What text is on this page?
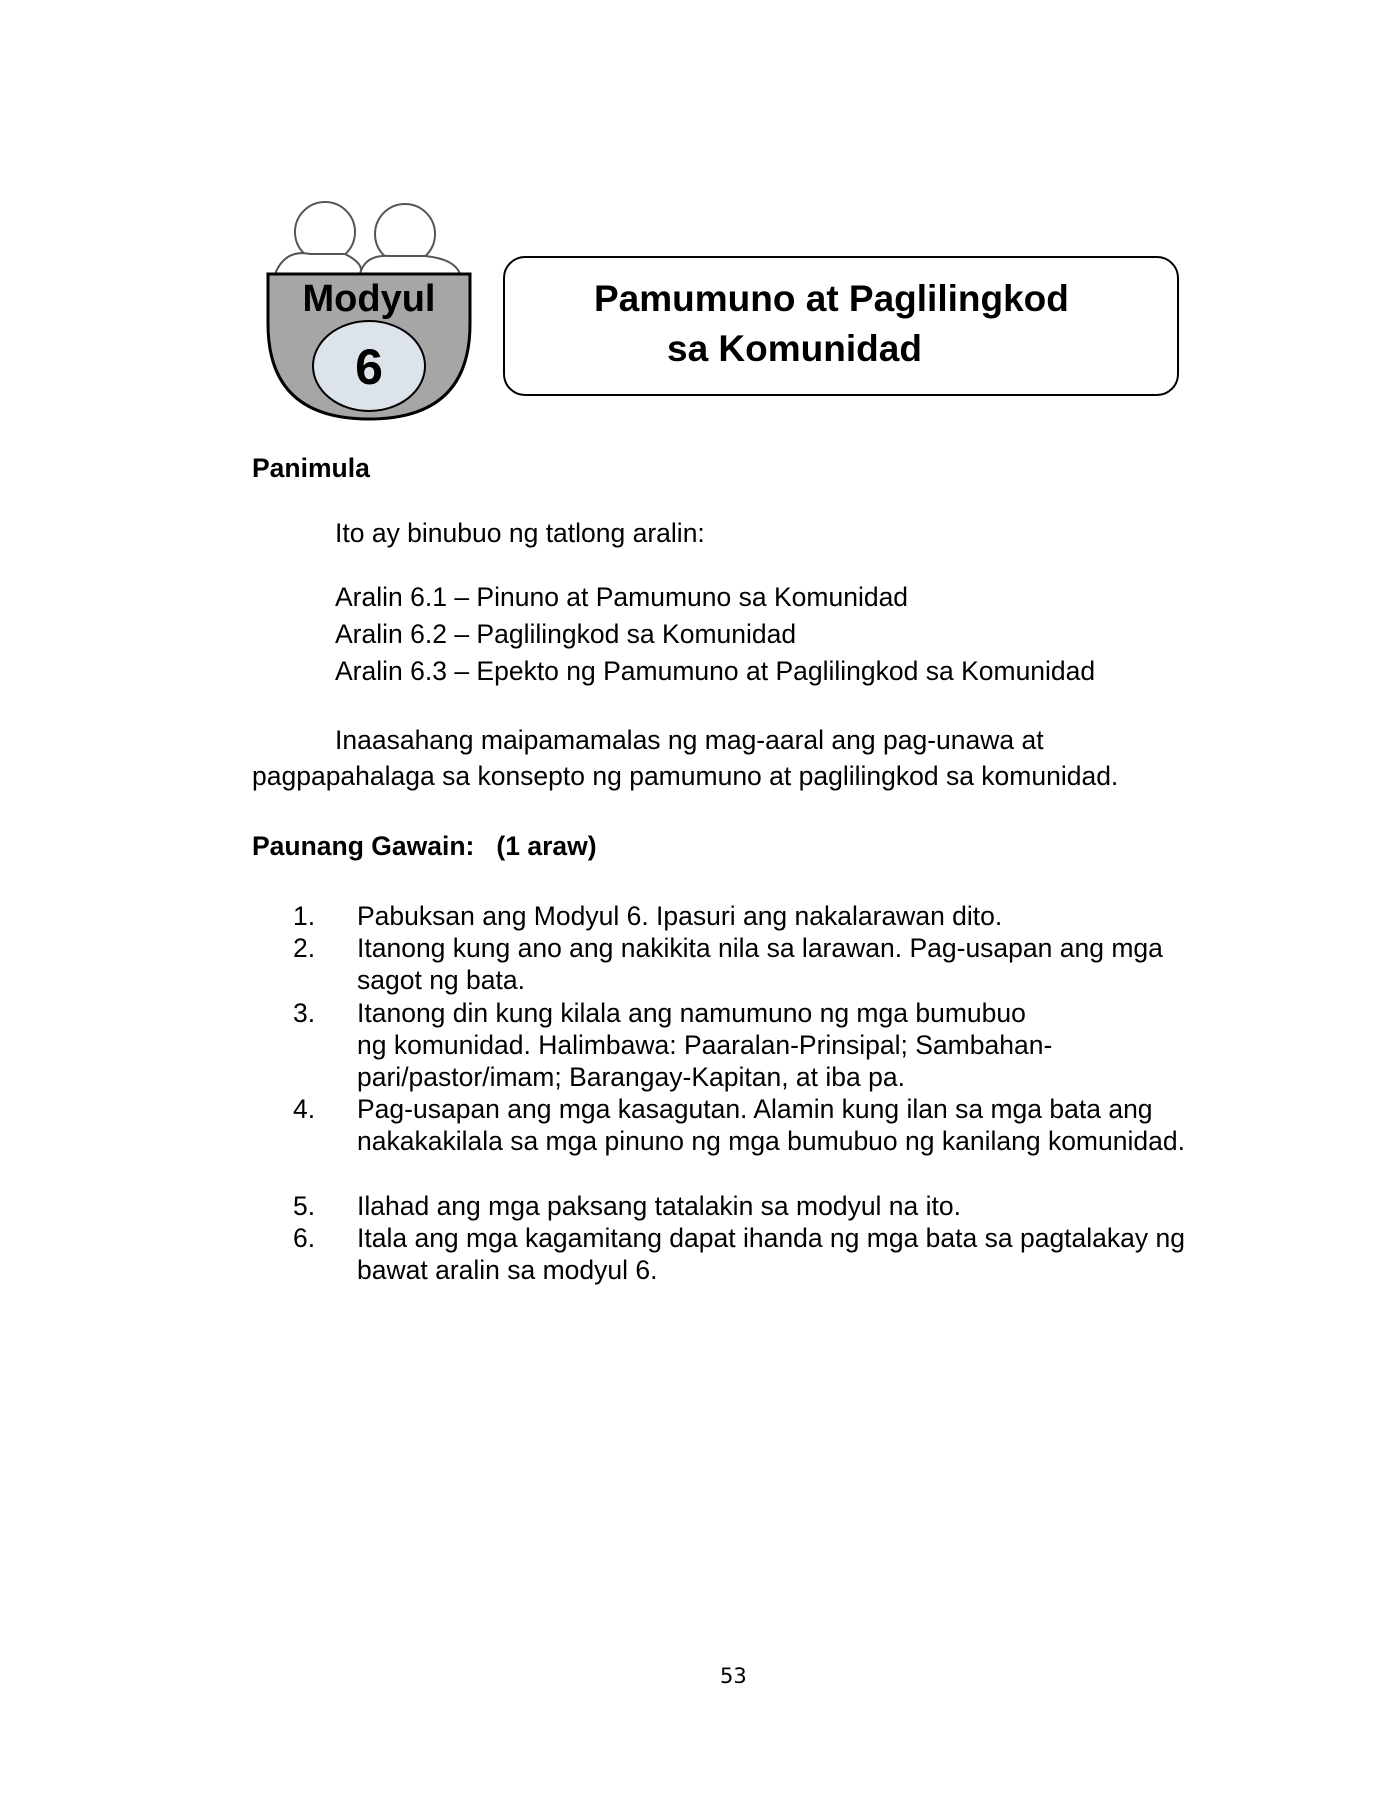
Modyul
6
Pamumuno at Paglilingkod
sa Komunidad
Panimula
Ito ay binubuo ng tatlong aralin:
Aralin 6.1 – Pinuno at Pamumuno sa Komunidad
Aralin 6.2 – Paglilingkod sa Komunidad
Aralin 6.3 – Epekto ng Pamumuno at Paglilingkod sa Komunidad
Inaasahang maipamamalas ng mag-aaral ang pag-unawa at
pagpapahalaga sa konsepto ng pamumuno at paglilingkod sa komunidad.
Paunang Gawain:   (1 araw)
1. Pabuksan ang Modyul 6. Ipasuri ang nakalarawan dito.
2. Itanong kung ano ang nakikita nila sa larawan. Pag-usapan ang mga sagot ng bata.
3. Itanong din kung kilala ang namumuno ng mga bumubuo ng komunidad. Halimbawa: Paaralan-Prinsipal; Sambahan-pari/pastor/imam; Barangay-Kapitan, at iba pa.
4. Pag-usapan ang mga kasagutan. Alamin kung ilan sa mga bata ang nakakakilala sa mga pinuno ng mga bumubuo ng kanilang komunidad.
5. Ilahad ang mga paksang tatalakin sa modyul na ito.
6. Itala ang mga kagamitang dapat ihanda ng mga bata sa pagtalakay ng bawat aralin sa modyul 6.
53
